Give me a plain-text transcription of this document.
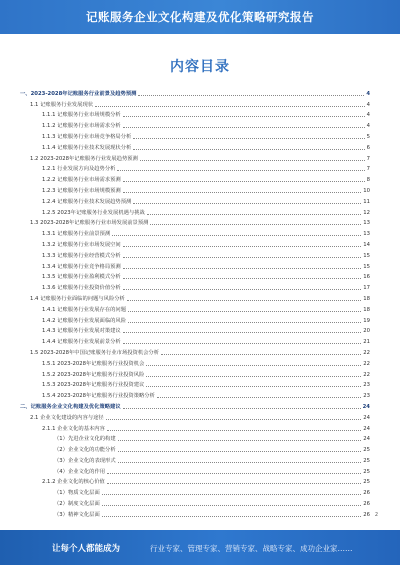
记账服务企业文化构建及优化策略研究报告
内容目录
一、2023-2028年记账服务行业前景及趋势预测	4
1.1 记账服务行业发展现状	4
1.1.1 记账服务行业市场规模分析	4
1.1.2 记账服务行业市场需求分析	4
1.1.3 记账服务行业市场竞争格局分析	5
1.1.4 记账服务行业技术发展现状分析	6
1.2 2023-2028年记账服务行业发展趋势预测	7
1.2.1 行业发展方向及趋势分析	7
1.2.2 记账服务行业市场需求预测	8
1.2.3 记账服务行业市场规模预测	10
1.2.4 记账服务行业技术发展趋势预测	11
1.2.5 2023年记账服务行业发展机遇与挑战	12
1.3 2023-2028年记账服务行业市场发展前景预测	13
1.3.1 记账服务行业前景预测	13
1.3.2 记账服务行业市场发展空间	14
1.3.3 记账服务行业经营模式分析	15
1.3.4 记账服务行业竞争格局预测	15
1.3.5 记账服务行业盈利模式分析	16
1.3.6 记账服务行业投资价值分析	17
1.4 记账服务行业面临的问题与风险分析	18
1.4.1 记账服务行业发展存在的问题	18
1.4.2 记账服务行业发展面临的风险	19
1.4.3 记账服务行业发展对策建议	20
1.4.4 记账服务行业发展前景分析	21
1.5 2023-2028年中国记账服务行业市场投资机会分析	22
1.5.1 2023-2028年记账服务行业投资机会	22
1.5.2 2023-2028年记账服务行业投资风险	22
1.5.3 2023-2028年记账服务行业投资建议	23
1.5.4 2023-2028年记账服务行业投资策略分析	23
二、记账服务企业文化构建及优化策略建议	24
2.1 企业文化建设的内容与途径	24
2.1.1 企业文化的基本内容	24
（1）先进企业文化的构建	24
（2）企业文化的功能分析	25
（3）企业文化的表现形式	25
（4）企业文化的作用	25
2.1.2 企业文化的核心价值	25
（1）物质文化层面	26
（2）制度文化层面	26
（3）精神文化层面	26 2
让每个人都能成为	行业专家、管理专家、营销专家、战略专家、成功企业家……
